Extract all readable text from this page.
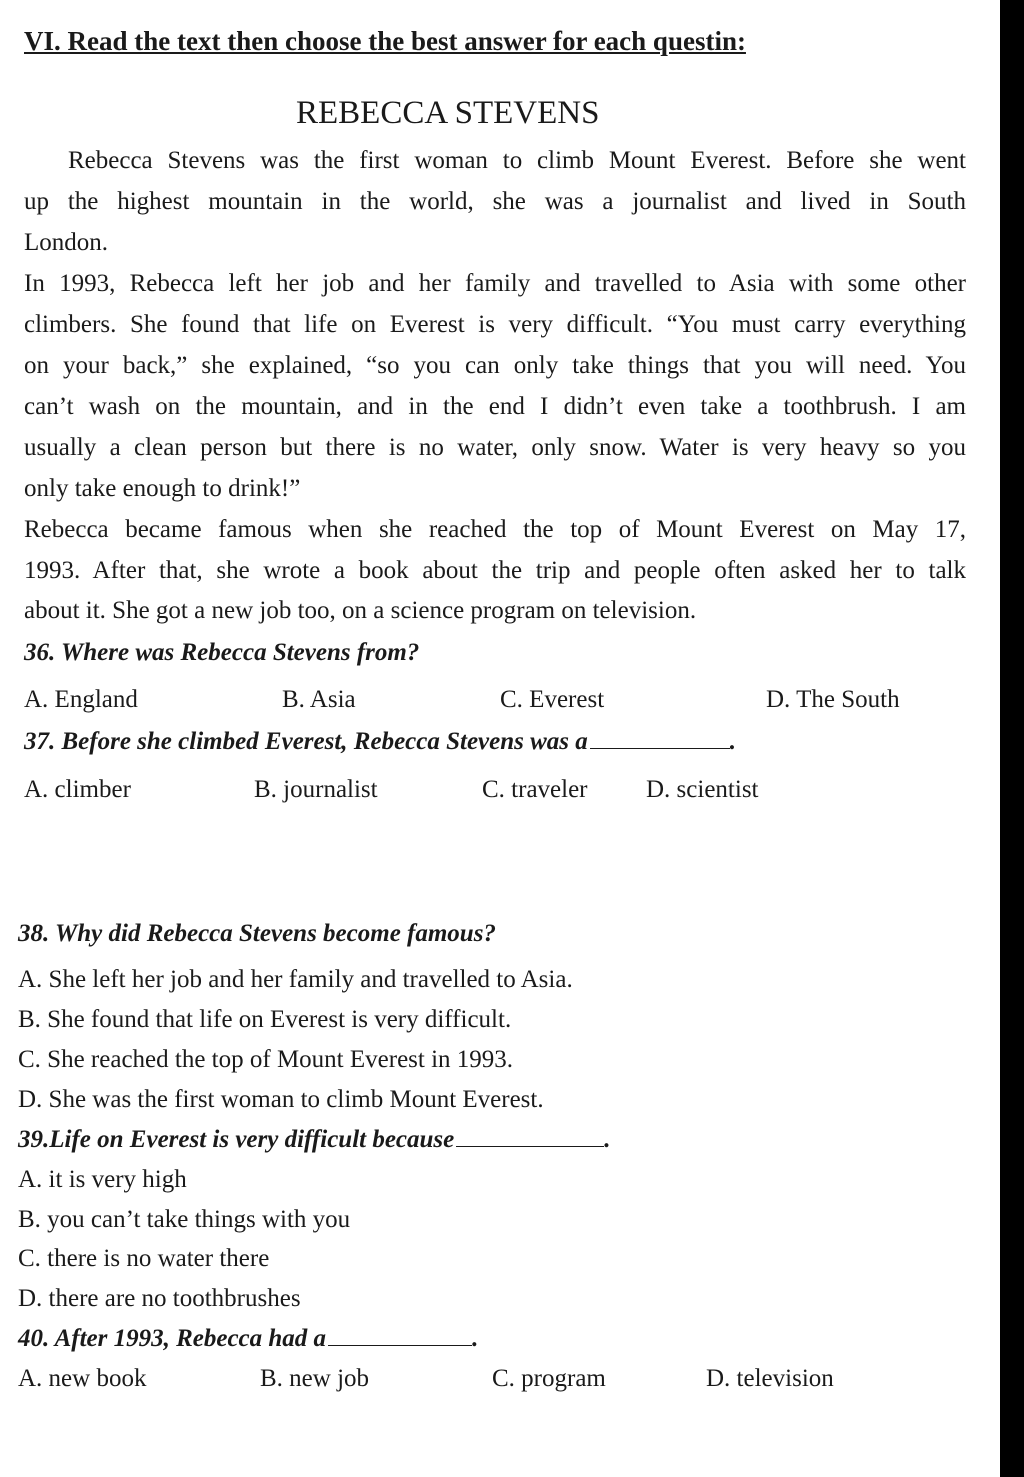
VI. Read the text then choose the best answer for each questin:
REBECCA STEVENS

Rebecca Stevens was the first woman to climb Mount Everest. Before she went

up the highest mountain in the world, she was a journalist and lived in South

London.

In 1993, Rebecca left her job and her family and travelled to Asia with some other

climbers. She found that life on Everest is very difficult. “You must carry everything

on your back,” she explained, “so you can only take things that you will need. You

can’t wash on the mountain, and in the end I didn’t even take a toothbrush. I am

usually a clean person but there is no water, only snow. Water is very heavy so you

only take enough to drink!”

Rebecca became famous when she reached the top of Mount Everest on May 17,

1993. After that, she wrote a book about the trip and people often asked her to talk

about it. She got a new job too, on a science program on television.

36. Where was Rebecca Stevens from?

A. England	B. Asia	C. Everest	D. The South

37. Before she climbed Everest, Rebecca Stevens was a	.

A. climber	B. journalist	C. traveler D. scientist

38. Why did Rebecca Stevens become famous?

A. She left her job and her family and travelled to Asia.
B. She found that life on Everest is very difficult.
C. She reached the top of Mount Everest in 1993.
D. She was the first woman to climb Mount Everest.

39.Life on Everest is very difficult because	.

A. it is very high
B. you can’t take things with you
C. there is no water there
D. there are no toothbrushes

40. After 1993, Rebecca had a	.

A. new book	B. new job	C. program	D. television
